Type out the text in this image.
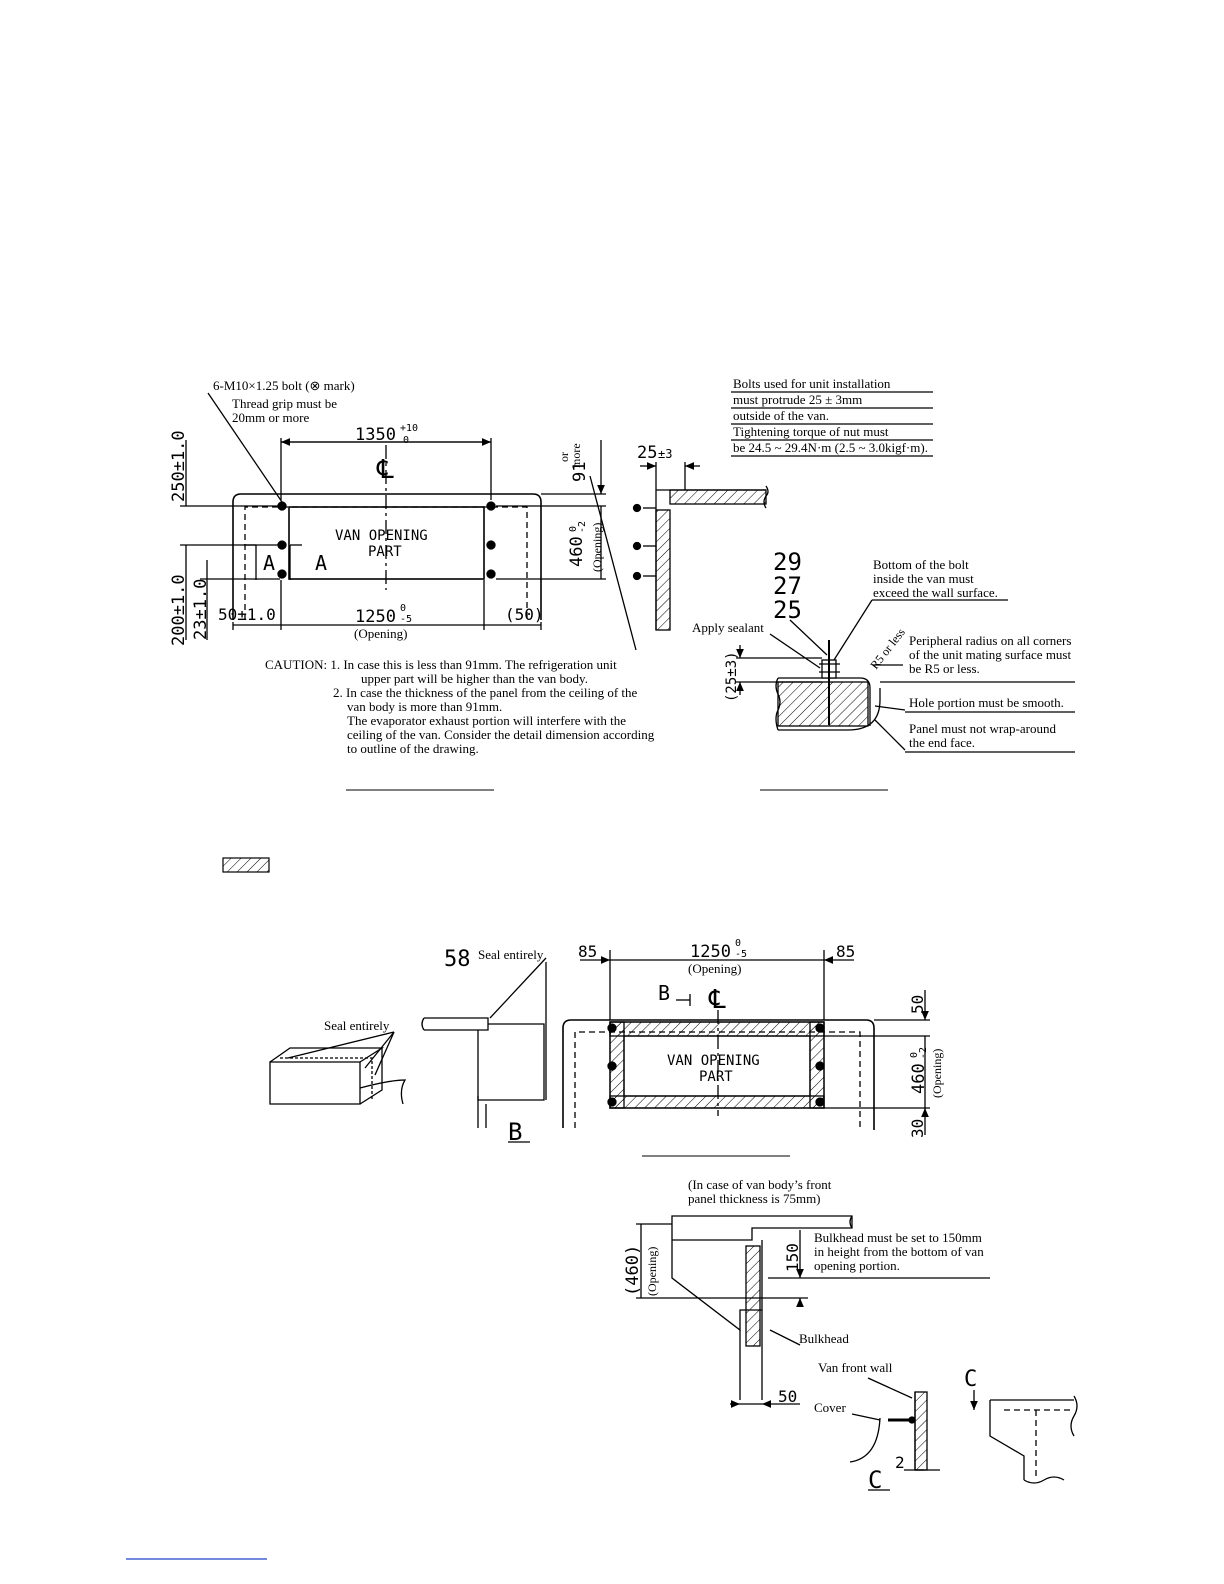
6-M10×1.25 bolt (⊗ mark)
Thread grip must be
20mm or more
Bolts used for unit installation
must protrude 25 ± 3mm
outside of the van.
Tightening torque of nut must
be 24.5 ~ 29.4N·m (2.5 ~ 3.0kigf·m).
Bottom of the bolt
inside the van must
exceed the wall surface.
Apply sealant
Peripheral radius on all corners
of the unit mating surface must
be R5 or less.
Hole portion must be smooth.
Panel must not wrap-around
the end face.
R5 or less
CAUTION: 1. In case this is less than 91mm. The refrigeration unit
upper part will be higher than the van body.
2. In case the thickness of the panel from the ceiling of the
van body is more than 91mm.
The evaporator exhaust portion will interfere with the
ceiling of the van. Consider the detail dimension according
to outline of the drawing.
(Opening)
(Opening)
or
more
Seal entirely
Seal entirely
(Opening)
(Opening)
(In case of van body’s front
panel thickness is 75mm)
Bulkhead must be set to 150mm
in height from the bottom of van
opening portion.
Bulkhead
Van front wall
Cover
(Opening)
1350 +10
0
℄	91
250±1.0
200±1.0 23±1.0
460
0
-2
VAN OPENING
PART
A A
50±1.0	1250 0
-5	(50)
25 ±3
29
27
25
(25±3)
58
B
85	1250 0
-5	85
B ℄	50
VAN OPENING
PART	460
0
-2
30
(460)	150
50
2
C
C
